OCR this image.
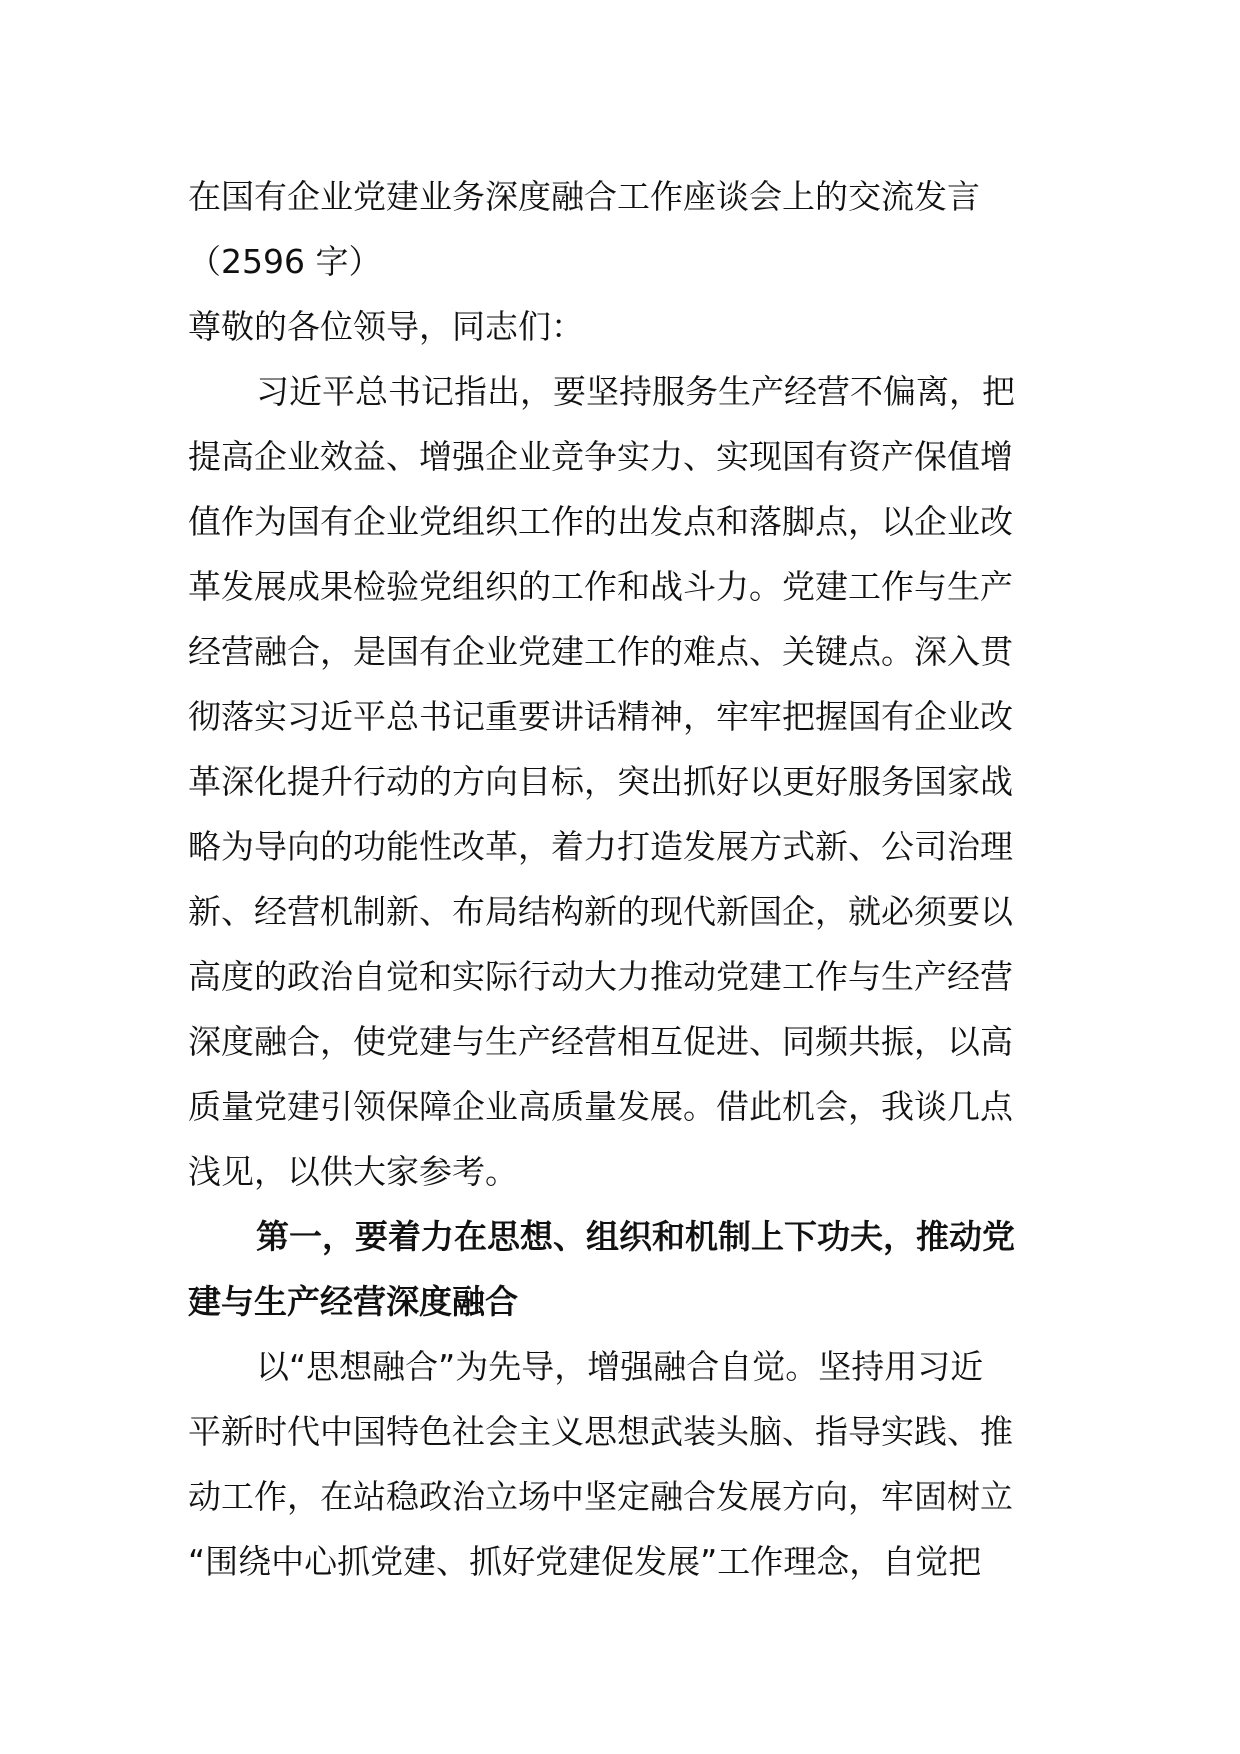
在国有企业党建业务深度融合工作座谈会上的交流发言
（2596 字）
尊敬的各位领导，同志们：
习近平总书记指出，要坚持服务生产经营不偏离，把
提高企业效益、增强企业竞争实力、实现国有资产保值增
值作为国有企业党组织工作的出发点和落脚点，以企业改
革发展成果检验党组织的工作和战斗力。党建工作与生产
经营融合，是国有企业党建工作的难点、关键点。深入贯
彻落实习近平总书记重要讲话精神，牢牢把握国有企业改
革深化提升行动的方向目标，突出抓好以更好服务国家战
略为导向的功能性改革，着力打造发展方式新、公司治理
新、经营机制新、布局结构新的现代新国企，就必须要以
高度的政治自觉和实际行动大力推动党建工作与生产经营
深度融合，使党建与生产经营相互促进、同频共振，以高
质量党建引领保障企业高质量发展。借此机会，我谈几点
浅见，以供大家参考。
第一，要着力在思想、组织和机制上下功夫，推动党
建与生产经营深度融合
以“思想融合”为先导，增强融合自觉。坚持用习近
平新时代中国特色社会主义思想武装头脑、指导实践、推
动工作，在站稳政治立场中坚定融合发展方向，牢固树立
“围绕中心抓党建、抓好党建促发展”工作理念，自觉把
